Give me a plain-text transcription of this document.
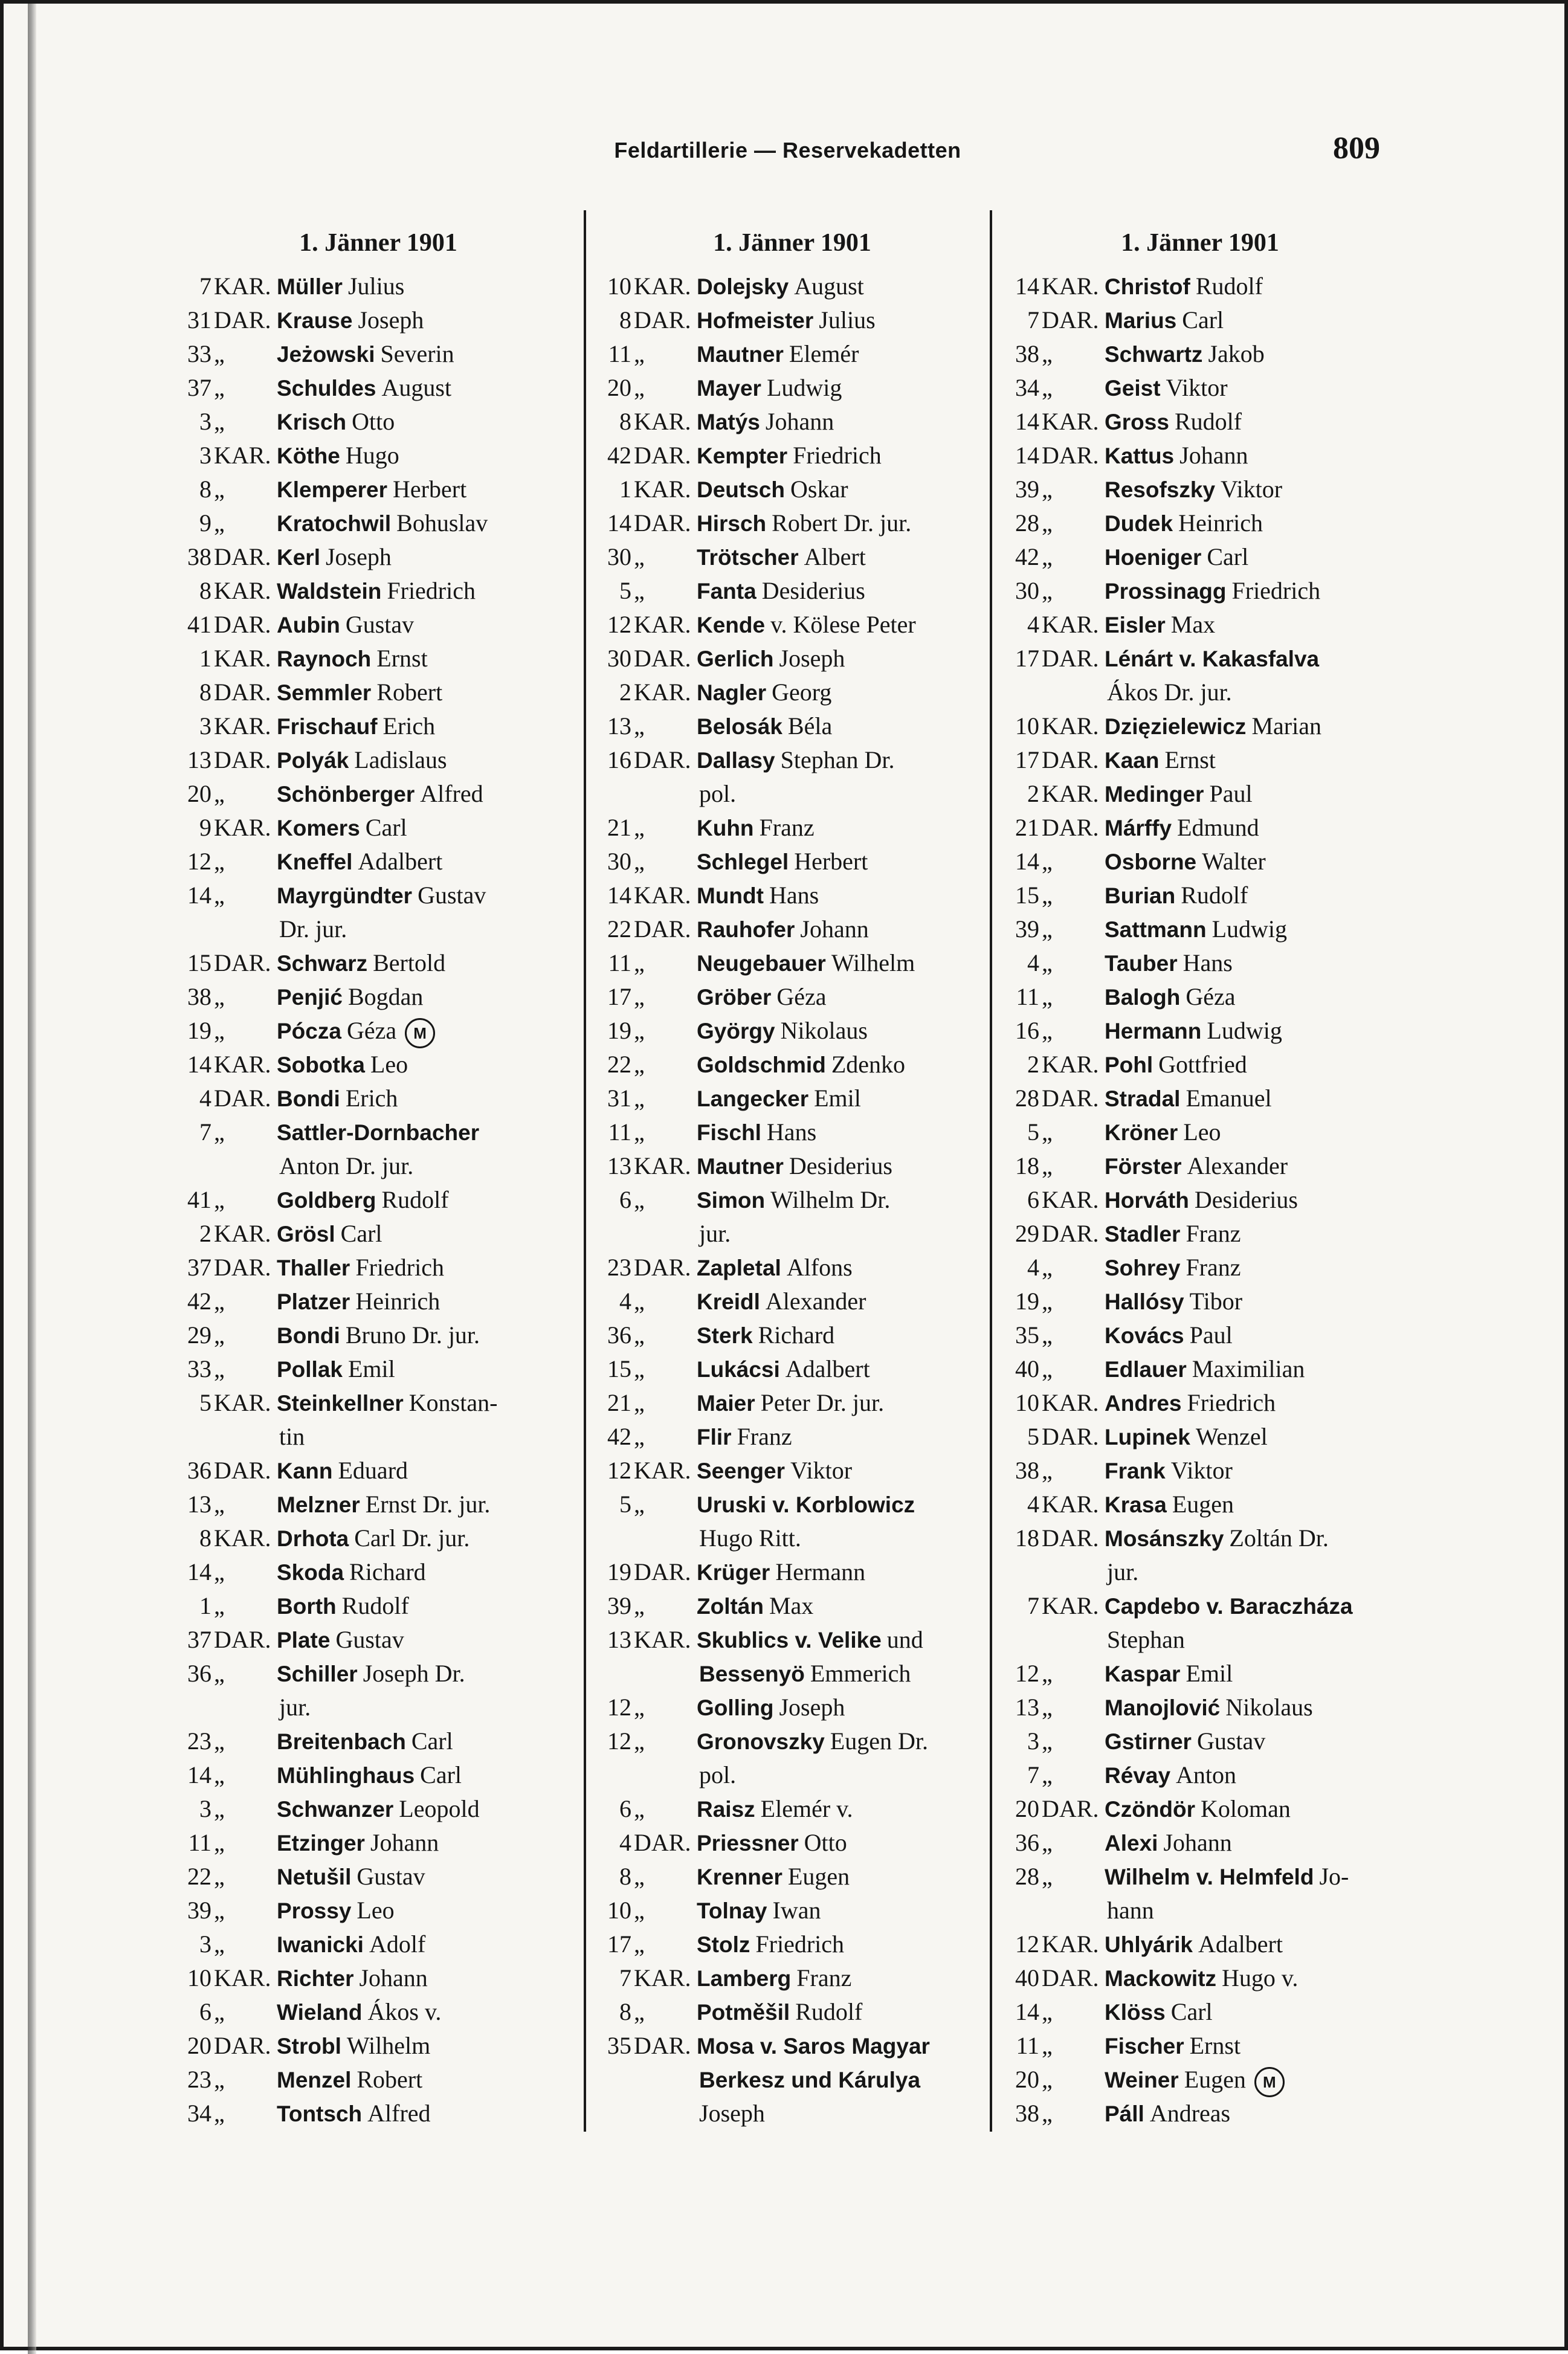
Feldartillerie — Reservekadetten	809
1. Jänner 1901
7 KAR. Müller Julius
31 DAR. Krause Joseph
33 „	Jeżowski Severin
37 „	Schuldes August
3 „	Krisch Otto
3 KAR. Köthe Hugo
8 „	Klemperer Herbert
9 „	Kratochwil Bohuslav
38 DAR. Kerl Joseph
8 KAR. Waldstein Friedrich
41 DAR. Aubin Gustav
1 KAR. Raynoch Ernst
8 DAR. Semmler Robert
3 KAR. Frischauf Erich
13 DAR. Polyák Ladislaus
20 „	Schönberger Alfred
9 KAR. Komers Carl
12 „	Kneffel Adalbert
14 „	Mayrgündter Gustav
Dr. jur.
15 DAR. Schwarz Bertold
38 „	Penjić Bogdan
19 „	Pócza Géza	M
14 KAR. Sobotka Leo
4 DAR. Bondi Erich
7 „	Sattler-Dornbacher
Anton Dr. jur.
41 „	Goldberg Rudolf
2 KAR. Grösl Carl
37 DAR. Thaller Friedrich
42 „	Platzer Heinrich
29 „	Bondi Bruno Dr. jur.
33 „	Pollak Emil
5 KAR. Steinkellner Konstan-
tin
36 DAR. Kann Eduard
13 „	Melzner Ernst Dr. jur.
8 KAR. Drhota Carl Dr. jur.
14 „	Skoda Richard
1 „	Borth Rudolf
37 DAR. Plate Gustav
36 „	Schiller Joseph Dr.
jur.
23 „	Breitenbach Carl
14 „	Mühlinghaus Carl
3 „	Schwanzer Leopold
11 „	Etzinger Johann
22 „	Netušil Gustav
39 „	Prossy Leo
3 „	Iwanicki Adolf
10 KAR. Richter Johann
6 „	Wieland Ákos v.
20 DAR. Strobl Wilhelm
23 „	Menzel Robert
34 „	Tontsch Alfred
1. Jänner 1901
10 KAR. Dolejsky August
8 DAR. Hofmeister Julius
11 „	Mautner Elemér
20 „	Mayer Ludwig
8 KAR. Matýs Johann
42 DAR. Kempter Friedrich
1 KAR. Deutsch Oskar
14 DAR. Hirsch Robert Dr. jur.
30 „	Trötscher Albert
5 „	Fanta Desiderius
12 KAR. Kende v. Kölese Peter
30 DAR. Gerlich Joseph
2 KAR. Nagler Georg
13 „	Belosák Béla
16 DAR. Dallasy Stephan Dr.
pol.
21 „	Kuhn Franz
30 „	Schlegel Herbert
14 KAR. Mundt Hans
22 DAR. Rauhofer Johann
11 „	Neugebauer Wilhelm
17 „	Gröber Géza
19 „	György Nikolaus
22 „	Goldschmid Zdenko
31 „	Langecker Emil
11 „	Fischl Hans
13 KAR. Mautner Desiderius
6 „	Simon Wilhelm Dr.
jur.
23 DAR. Zapletal Alfons
4 „	Kreidl Alexander
36 „	Sterk Richard
15 „	Lukácsi Adalbert
21 „	Maier Peter Dr. jur.
42 „	Flir Franz
12 KAR. Seenger Viktor
5 „	Uruski v. Korblowicz
Hugo Ritt.
19 DAR. Krüger Hermann
39 „	Zoltán Max
13 KAR. Skublics v. Velike und
Bessenyö Emmerich
12 „	Golling Joseph
12 „	Gronovszky Eugen Dr.
pol.
6 „	Raisz Elemér v.
4 DAR. Priessner Otto
8 „	Krenner Eugen
10 „	Tolnay Iwan
17 „	Stolz Friedrich
7 KAR. Lamberg Franz
8 „	Potměšil Rudolf
35 DAR. Mosa v. Saros Magyar
Berkesz und Kárulya
Joseph
1. Jänner 1901
14 KAR. Christof Rudolf
7 DAR. Marius Carl
38 „	Schwartz Jakob
34 „	Geist Viktor
14 KAR. Gross Rudolf
14 DAR. Kattus Johann
39 „	Resofszky Viktor
28 „	Dudek Heinrich
42 „	Hoeniger Carl
30 „	Prossinagg Friedrich
4 KAR. Eisler Max
17 DAR. Lénárt v. Kakasfalva
Ákos Dr. jur.
10 KAR. Dzięzielewicz Marian
17 DAR. Kaan Ernst
2 KAR. Medinger Paul
21 DAR. Márffy Edmund
14 „	Osborne Walter
15 „	Burian Rudolf
39 „	Sattmann Ludwig
4 „	Tauber Hans
11 „	Balogh Géza
16 „	Hermann Ludwig
2 KAR. Pohl Gottfried
28 DAR. Stradal Emanuel
5 „	Kröner Leo
18 „	Förster Alexander
6 KAR. Horváth Desiderius
29 DAR. Stadler Franz
4 „	Sohrey Franz
19 „	Hallósy Tibor
35 „	Kovács Paul
40 „	Edlauer Maximilian
10 KAR. Andres Friedrich
5 DAR. Lupinek Wenzel
38 „	Frank Viktor
4 KAR. Krasa Eugen
18 DAR. Mosánszky Zoltán Dr.
jur.
7 KAR. Capdebo v. Baraczháza
Stephan
12 „	Kaspar Emil
13 „	Manojlović Nikolaus
3 „	Gstirner Gustav
7 „	Révay Anton
20 DAR. Czöndör Koloman
36 „	Alexi Johann
28 „	Wilhelm v. Helmfeld Jo-
hann
12 KAR. Uhlyárik Adalbert
40 DAR. Mackowitz Hugo v.
14 „	Klöss Carl
11 „	Fischer Ernst
20 „	Weiner Eugen	M
38 „	Páll Andreas
